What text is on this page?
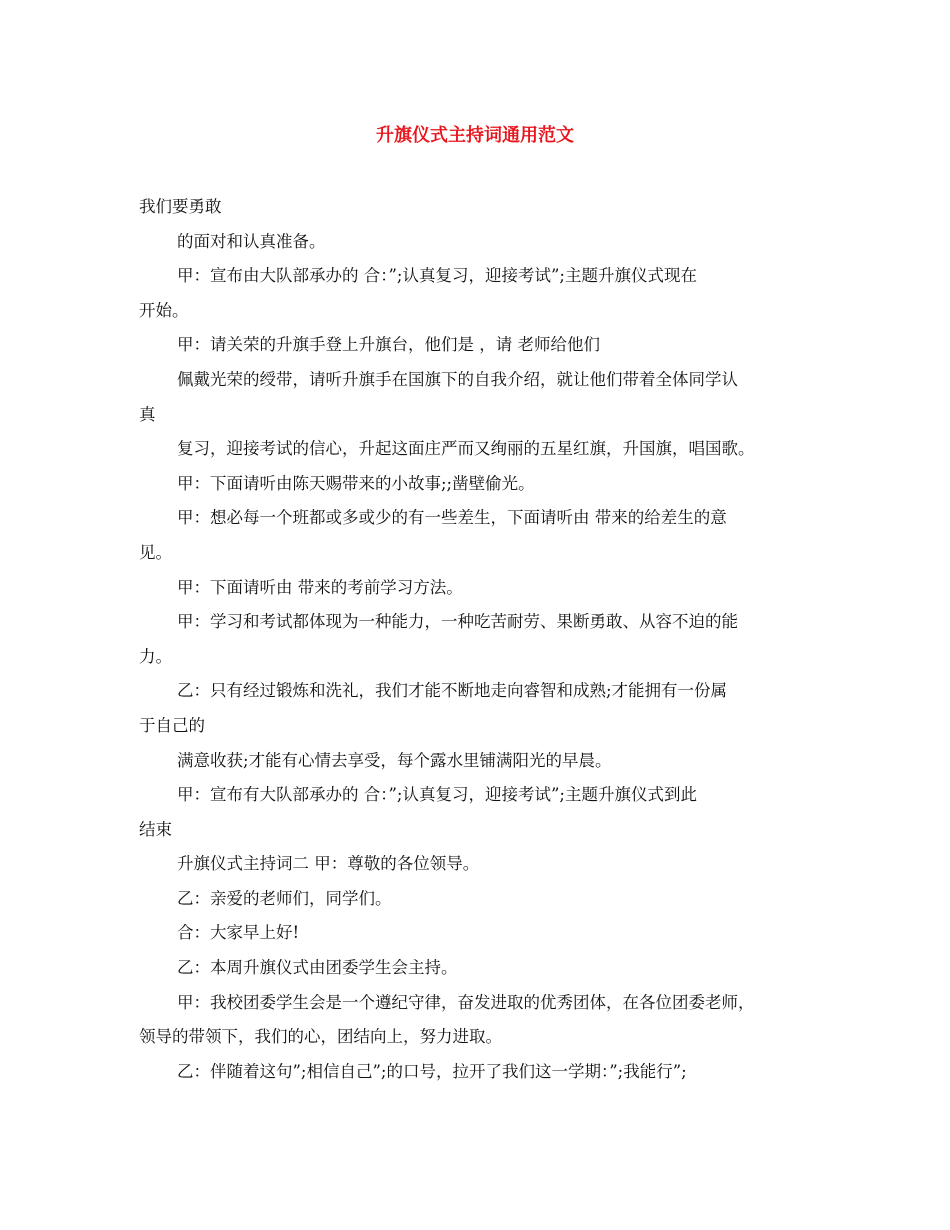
升旗仪式主持词通用范文
我们要勇敢
的面对和认真准备。
甲：宣布由大队部承办的 合：”;认真复习，迎接考试”;主题升旗仪式现在
开始。
甲：请关荣的升旗手登上升旗台，他们是 ，请 老师给他们
佩戴光荣的绶带，请听升旗手在国旗下的自我介绍，就让他们带着全体同学认
真
复习，迎接考试的信心，升起这面庄严而又绚丽的五星红旗，升国旗，唱国歌。
甲：下面请听由陈天赐带来的小故事;;凿壁偷光。
甲：想必每一个班都或多或少的有一些差生，下面请听由 带来的给差生的意
见。
甲：下面请听由 带来的考前学习方法。
甲：学习和考试都体现为一种能力，一种吃苦耐劳、果断勇敢、从容不迫的能
力。
乙：只有经过锻炼和洗礼，我们才能不断地走向睿智和成熟;才能拥有一份属
于自己的
满意收获;才能有心情去享受，每个露水里铺满阳光的早晨。
甲：宣布有大队部承办的 合：”;认真复习，迎接考试”;主题升旗仪式到此
结束
升旗仪式主持词二 甲：尊敬的各位领导。
乙：亲爱的老师们，同学们。
合：大家早上好!
乙：本周升旗仪式由团委学生会主持。
甲：我校团委学生会是一个遵纪守律，奋发进取的优秀团体，在各位团委老师，
领导的带领下，我们的心，团结向上，努力进取。
乙：伴随着这句”;相信自己”;的口号，拉开了我们这一学期：”;我能行”;
